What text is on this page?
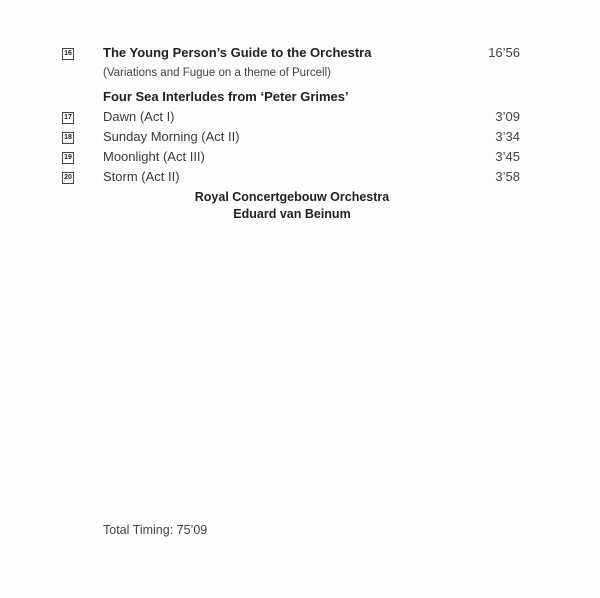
16 The Young Person’s Guide to the Orchestra	16’56
(Variations and Fugue on a theme of Purcell)
Four Sea Interludes from ‘Peter Grimes’
17 Dawn (Act I)	3’09
18 Sunday Morning (Act II)	3’34
19 Moonlight (Act III)	3’45
20 Storm (Act II)	3’58
Royal Concertgebouw Orchestra
Eduard van Beinum
Total Timing: 75’09
